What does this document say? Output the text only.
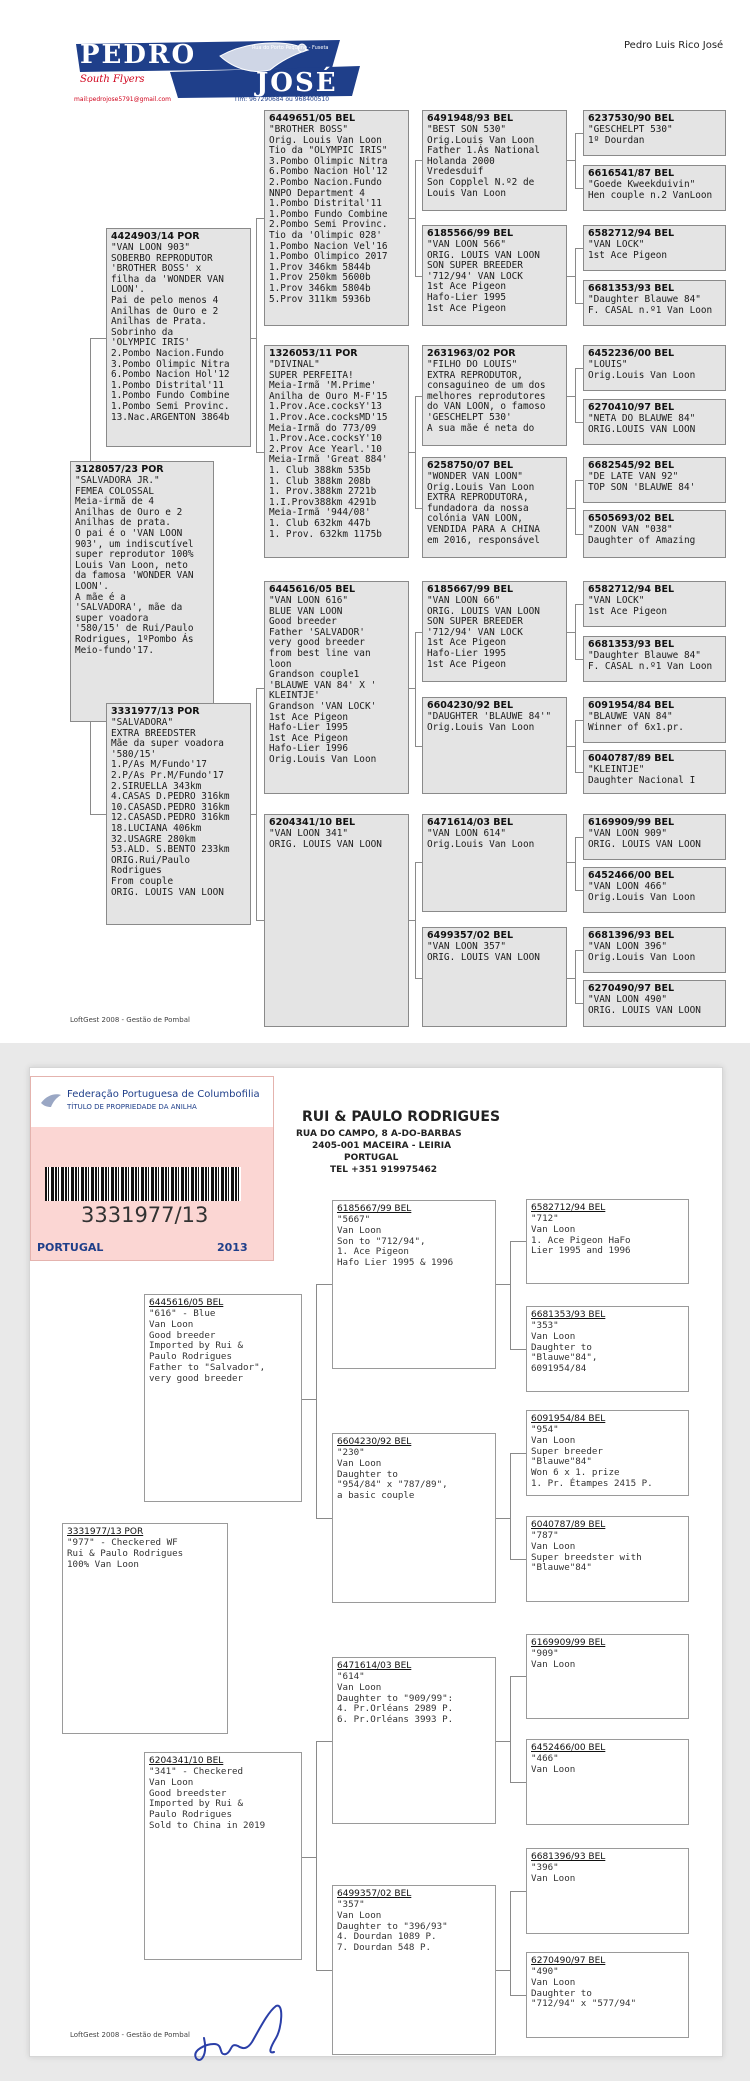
PEDRO
JOSÉ
Rua do Porto Pequeno - Fuseta
South Flyers
mail:pedrojose5791@gmail.com	Tlm: 967290684 ou 968400510
Pedro Luis Rico José
3128057/23 POR
"SALVADORA JR."
FEMEA COLOSSAL
Meia-irmã de 4
Anilhas de Ouro e 2
Anilhas de prata.
O pai é o 'VAN LOON
903', um indiscutível
super reprodutor 100%
Louis Van Loon, neto
da famosa 'WONDER VAN
LOON'.
A mãe é a
'SALVADORA', mãe da
super voadora
'580/15' de Rui/Paulo
Rodrigues, 1ºPombo Ás
Meio-fundo'17.
4424903/14 POR
"VAN LOON 903"
SOBERBO REPRODUTOR
'BROTHER BOSS' x
filha da 'WONDER VAN
LOON'.
Pai de pelo menos 4
Anilhas de Ouro e 2
Anilhas de Prata.
Sobrinho da
'OLYMPIC IRIS'
2.Pombo Nacion.Fundo
3.Pombo Olimpic Nitra
6.Pombo Nacion Hol'12
1.Pombo Distrital'11
1.Pombo Fundo Combine
1.Pombo Semi Provinc.
13.Nac.ARGENTON 3864b
3331977/13 POR
"SALVADORA"
EXTRA BREEDSTER
Mãe da super voadora
'580/15'
1.P/As M/Fundo'17
2.P/As Pr.M/Fundo'17
2.SIRUELLA 343km
4.CASAS D.PEDRO 316km
10.CASASD.PEDRO 316km
12.CASASD.PEDRO 316km
18.LUCIANA 406km
32.USAGRE 280km
53.ALD. S.BENTO 233km
ORIG.Rui/Paulo
Rodrigues
From couple
ORIG. LOUIS VAN LOON
6449651/05 BEL
"BROTHER BOSS"
Orig. Louis Van Loon
Tio da "OLYMPIC IRIS"
3.Pombo Olimpic Nitra
6.Pombo Nacion Hol'12
2.Pombo Nacion.Fundo
NNPO Department 4
1.Pombo Distrital'11
1.Pombo Fundo Combine
2.Pombo Semi Provinc.
Tio da 'Olimpic 028'
1.Pombo Nacion Vel'16
1.Pombo Olimpico 2017
1.Prov 346km 5844b
1.Prov 250km 5600b
1.Prov 346km 5804b
5.Prov 311km 5936b
1326053/11 POR
"DIVINAL"
SUPER PERFEITA!
Meia-Irmã 'M.Prime'
Anilha de Ouro M-F'15
1.Prov.Ace.cocksY'13
1.Prov.Ace.cocksMD'15
Meia-Irmã do 773/09
1.Prov.Ace.cocksY'10
2.Prov Ace Yearl.'10
Meia-Irmã 'Great 884'
1. Club 388km 535b
1. Club 388km 208b
1. Prov.388km 2721b
1.I.Prov388km 4291b
Meia-Irmã '944/08'
1. Club 632km 447b
1. Prov. 632km 1175b
6445616/05 BEL
"VAN LOON 616"
BLUE VAN LOON
Good breeder
Father 'SALVADOR'
very good breeder
from best line van
loon
Grandson couple1
'BLAUWE VAN 84' X '
KLEINTJE'
Grandson 'VAN LOCK'
1st Ace Pigeon
Hafo-Lier 1995
1st Ace Pigeon
Hafo-Lier 1996
Orig.Louis Van Loon
6204341/10 BEL
"VAN LOON 341"
ORIG. LOUIS VAN LOON
6491948/93 BEL
"BEST SON 530"
Orig.Louis Van Loon
Father 1.Ás National
Holanda 2000
Vredesduif
Son Copplel N.º2 de
Louis Van Loon
6185566/99 BEL
"VAN LOON 566"
ORIG. LOUIS VAN LOON
SON SUPER BREEDER
'712/94' VAN LOCK
1st Ace Pigeon
Hafo-Lier 1995
1st Ace Pigeon
2631963/02 POR
"FILHO DO LOUIS"
EXTRA REPRODUTOR,
consaguineo de um dos
melhores reprodutores
do VAN LOON, o famoso
'GESCHELPT 530'
A sua mãe é neta do
6258750/07 BEL
"WONDER VAN LOON"
Orig.Louis Van Loon
EXTRA REPRODUTORA,
fundadora da nossa
colónia VAN LOON,
VENDIDA PARA A CHINA
em 2016, responsável
6185667/99 BEL
"VAN LOON 66"
ORIG. LOUIS VAN LOON
SON SUPER BREEDER
'712/94' VAN LOCK
1st Ace Pigeon
Hafo-Lier 1995
1st Ace Pigeon
6604230/92 BEL
"DAUGHTER 'BLAUWE 84'"
Orig.Louis Van Loon
6471614/03 BEL
"VAN LOON 614"
Orig.Louis Van Loon
6499357/02 BEL
"VAN LOON 357"
ORIG. LOUIS VAN LOON
6237530/90 BEL
"GESCHELPT 530"
1º Dourdan
6616541/87 BEL
"Goede Kweekduivin"
Hen couple n.2 VanLoon
6582712/94 BEL
"VAN LOCK"
1st Ace Pigeon
6681353/93 BEL
"Daughter Blauwe 84"
F. CASAL n.º1 Van Loon
6452236/00 BEL
"LOUIS"
Orig.Louis Van Loon
6270410/97 BEL
"NETA DO BLAUWE 84"
ORIG.LOUIS VAN LOON
6682545/92 BEL
"DE LATE VAN 92"
TOP SON 'BLAUWE 84'
6505693/02 BEL
"ZOON VAN "038"
Daughter of Amazing
6582712/94 BEL
"VAN LOCK"
1st Ace Pigeon
6681353/93 BEL
"Daughter Blauwe 84"
F. CASAL n.º1 Van Loon
6091954/84 BEL
"BLAUWE VAN 84"
Winner of 6x1.pr.
6040787/89 BEL
"KLEINTJE"
Daughter Nacional I
6169909/99 BEL
"VAN LOON 909"
ORIG. LOUIS VAN LOON
6452466/00 BEL
"VAN LOON 466"
Orig.Louis Van Loon
6681396/93 BEL
"VAN LOON 396"
Orig.Louis Van Loon
6270490/97 BEL
"VAN LOON 490"
ORIG. LOUIS VAN LOON
LoftGest 2008 - Gestão de Pombal
Federação Portuguesa de Columbofilia
TÍTULO DE PROPRIEDADE DA ANILHA
3331977/13
PORTUGAL	2013
RUI & PAULO RODRIGUES
RUA DO CAMPO, 8 A-DO-BARBAS
2405-001 MACEIRA - LEIRIA
PORTUGAL
TEL +351 919975462
3331977/13 POR
"977" - Checkered WF
Rui & Paulo Rodrigues
100% Van Loon
6445616/05 BEL
"616" - Blue
Van Loon
Good breeder
Imported by Rui &
Paulo Rodrigues
Father to "Salvador",
very good breeder
6204341/10 BEL
"341" - Checkered
Van Loon
Good breedster
Imported by Rui &
Paulo Rodrigues
Sold to China in 2019
6185667/99 BEL
"5667"
Van Loon
Son to "712/94",
1. Ace Pigeon
Hafo Lier 1995 & 1996
6604230/92 BEL
"230"
Van Loon
Daughter to
"954/84" x "787/89",
a basic couple
6471614/03 BEL
"614"
Van Loon
Daughter to "909/99":
4. Pr.Orléans 2989 P.
6. Pr.Orléans 3993 P.
6499357/02 BEL
"357"
Van Loon
Daughter to "396/93"
4. Dourdan 1089 P.
7. Dourdan 548 P.
6582712/94 BEL
"712"
Van Loon
1. Ace Pigeon HaFo
Lier 1995 and 1996
6681353/93 BEL
"353"
Van Loon
Daughter to
"Blauwe"84",
6091954/84
6091954/84 BEL
"954"
Van Loon
Super breeder
"Blauwe"84"
Won 6 x 1. prize
1. Pr. Étampes 2415 P.
6040787/89 BEL
"787"
Van Loon
Super breedster with
"Blauwe"84"
6169909/99 BEL
"909"
Van Loon
6452466/00 BEL
"466"
Van Loon
6681396/93 BEL
"396"
Van Loon
6270490/97 BEL
"490"
Van Loon
Daughter to
"712/94" x "577/94"
LoftGest 2008 - Gestão de Pombal
